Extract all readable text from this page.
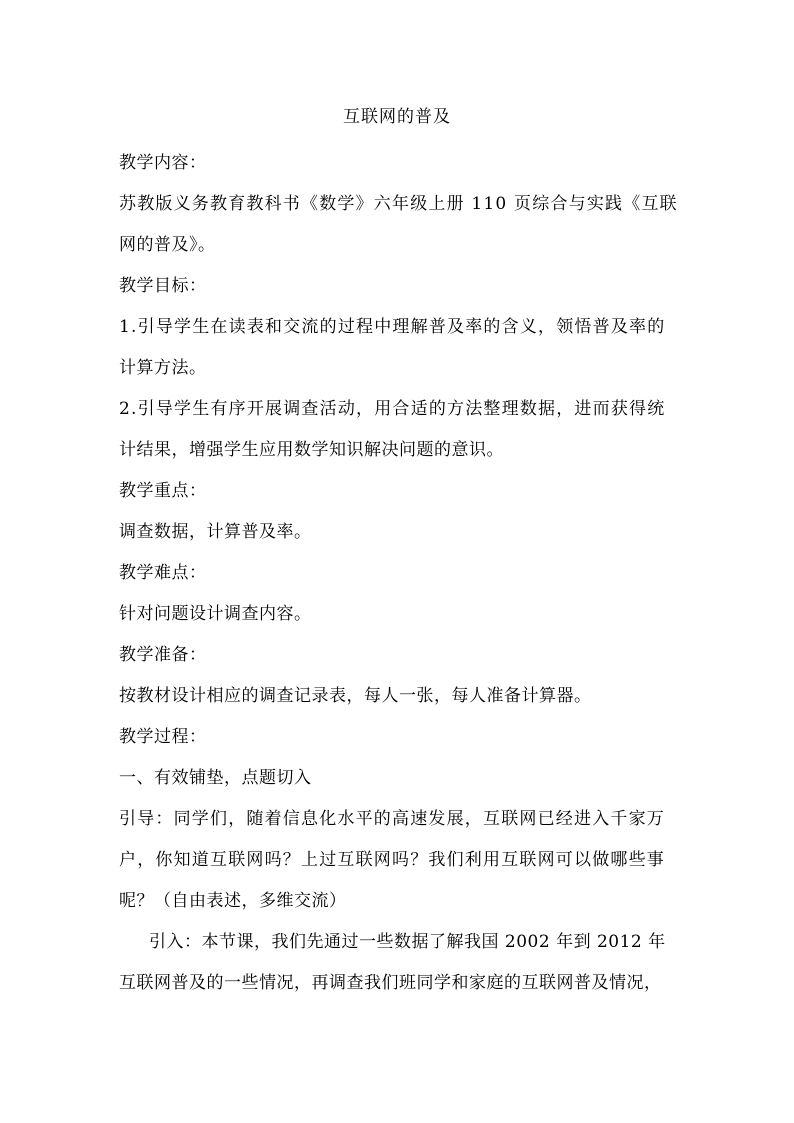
互联网的普及
教学内容：
苏教版义务教育教科书《数学》六年级上册 110 页综合与实践《互联
网的普及》。
教学目标：
1.引导学生在读表和交流的过程中理解普及率的含义，领悟普及率的
计算方法。
2.引导学生有序开展调查活动，用合适的方法整理数据，进而获得统
计结果，增强学生应用数学知识解决问题的意识。
教学重点：
调查数据，计算普及率。
教学难点：
针对问题设计调查内容。
教学准备：
按教材设计相应的调查记录表，每人一张，每人准备计算器。
教学过程：
一、有效铺垫，点题切入
引导：同学们，随着信息化水平的高速发展，互联网已经进入千家万
户，你知道互联网吗？上过互联网吗？我们利用互联网可以做哪些事
呢？（自由表述，多维交流）
引入：本节课，我们先通过一些数据了解我国 2002 年到 2012 年
互联网普及的一些情况，再调查我们班同学和家庭的互联网普及情况，
